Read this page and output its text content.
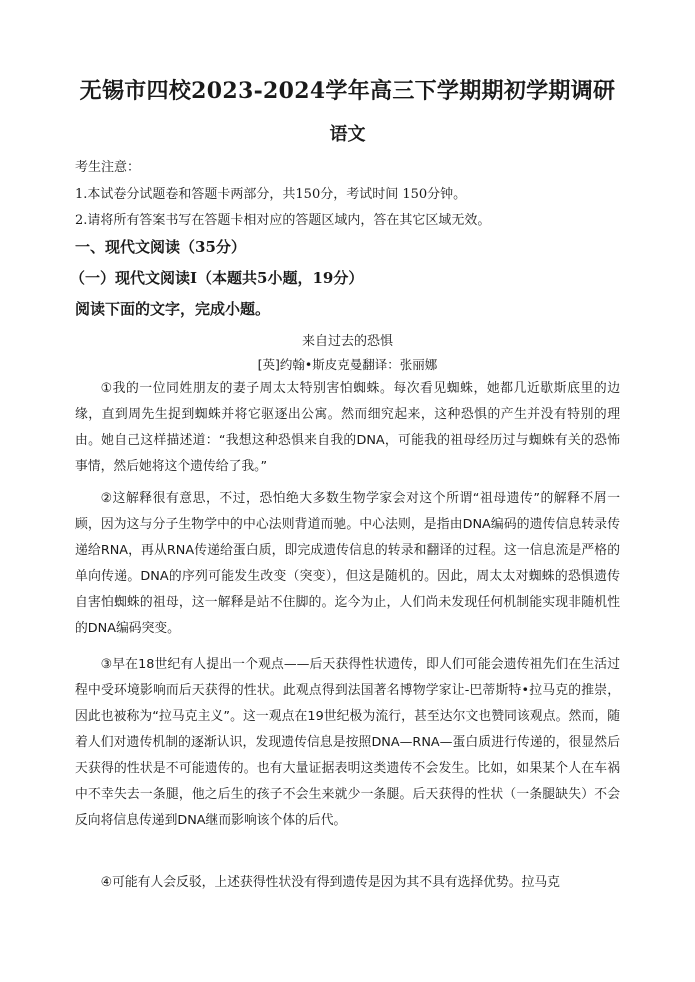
无锡市四校2023-2024学年高三下学期期初学期调研
语文
考生注意：
1.本试卷分试题卷和答题卡两部分，共150分，考试时间 150分钟。
2.请将所有答案书写在答题卡相对应的答题区域内，答在其它区域无效。
一、现代文阅读（35分）
（一）现代文阅读Ⅰ（本题共5小题，19分）
阅读下面的文字，完成小题。
来自过去的恐惧
[英]约翰•斯皮克曼翻译：张丽娜

①我的一位同姓朋友的妻子周太太特别害怕蜘蛛。每次看见蜘蛛，她都几近歇斯底里的边缘，直到周先生捉到蜘蛛并将它驱逐出公寓。然而细究起来，这种恐惧的产生并没有特别的理由。她自己这样描述道：“我想这种恐惧来自我的DNA，可能我的祖母经历过与蜘蛛有关的恐怖事情，然后她将这个遗传给了我。”

②这解释很有意思，不过，恐怕绝大多数生物学家会对这个所谓“祖母遗传”的解释不屑一顾，因为这与分子生物学中的中心法则背道而驰。中心法则，是指由DNA编码的遗传信息转录传递给RNA，再从RNA传递给蛋白质，即完成遗传信息的转录和翻译的过程。这一信息流是严格的单向传递。DNA的序列可能发生改变（突变），但这是随机的。因此，周太太对蜘蛛的恐惧遗传自害怕蜘蛛的祖母，这一解释是站不住脚的。迄今为止，人们尚未发现任何机制能实现非随机性的DNA编码突变。

③早在18世纪有人提出一个观点——后天获得性状遗传，即人们可能会遗传祖先们在生活过程中受环境影响而后天获得的性状。此观点得到法国著名博物学家让-巴蒂斯特•拉马克的推崇，因此也被称为“拉马克主义”。这一观点在19世纪极为流行，甚至达尔文也赞同该观点。然而，随着人们对遗传机制的逐渐认识，发现遗传信息是按照DNA—RNA—蛋白质进行传递的，很显然后天获得的性状是不可能遗传的。也有大量证据表明这类遗传不会发生。比如，如果某个人在车祸中不幸失去一条腿，他之后生的孩子不会生来就少一条腿。后天获得的性状（一条腿缺失）不会反向将信息传递到DNA继而影响该个体的后代。

④可能有人会反驳，上述获得性状没有得到遗传是因为其不具有选择优势。拉马克
